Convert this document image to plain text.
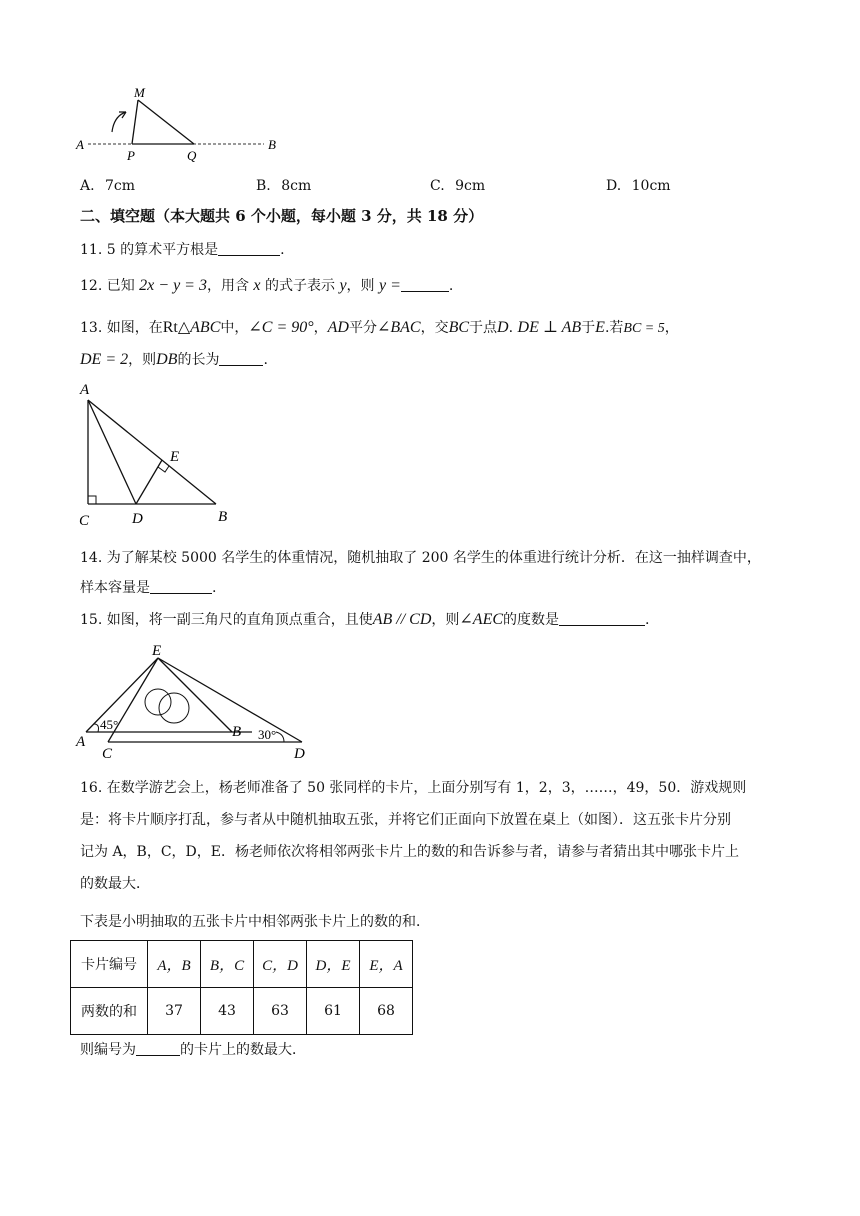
M
A
P	Q
B
A. 7cm	B. 8cm	C. 9cm	D. 10cm
二、填空题（本大题共 6 个小题，每小题 3 分，共 18 分）
11. 5 的算术平方根是	.
12. 已知 2x − y = 3，用含 x 的式子表示 y，则 y =	.
13. 如图，在Rt△ABC中，∠C = 90°，AD平分∠BAC，交BC于点D. DE ⊥ AB于E.若BC = 5，
DE = 2，则DB的长为	.
A
C	D	B
E
14. 为了解某校 5000 名学生的体重情况，随机抽取了 200 名学生的体重进行统计分析．在这一抽样调查中，
样本容量是	.
15. 如图，将一副三角尺的直角顶点重合，且使AB // CD，则∠AEC的度数是	.
E
A
C
B
D
45°
30°
16. 在数学游艺会上，杨老师准备了 50 张同样的卡片，上面分别写有 1，2，3，……，49，50．游戏规则
是：将卡片顺序打乱，参与者从中随机抽取五张，并将它们正面向下放置在桌上（如图）．这五张卡片分别
记为 A，B，C，D，E．杨老师依次将相邻两张卡片上的数的和告诉参与者，请参与者猜出其中哪张卡片上
的数最大．
下表是小明抽取的五张卡片中相邻两张卡片上的数的和．
卡片编号	A，B	B，C	C，D	D，E	E，A
两数的和	37	43	63	61	68
则编号为	的卡片上的数最大．
